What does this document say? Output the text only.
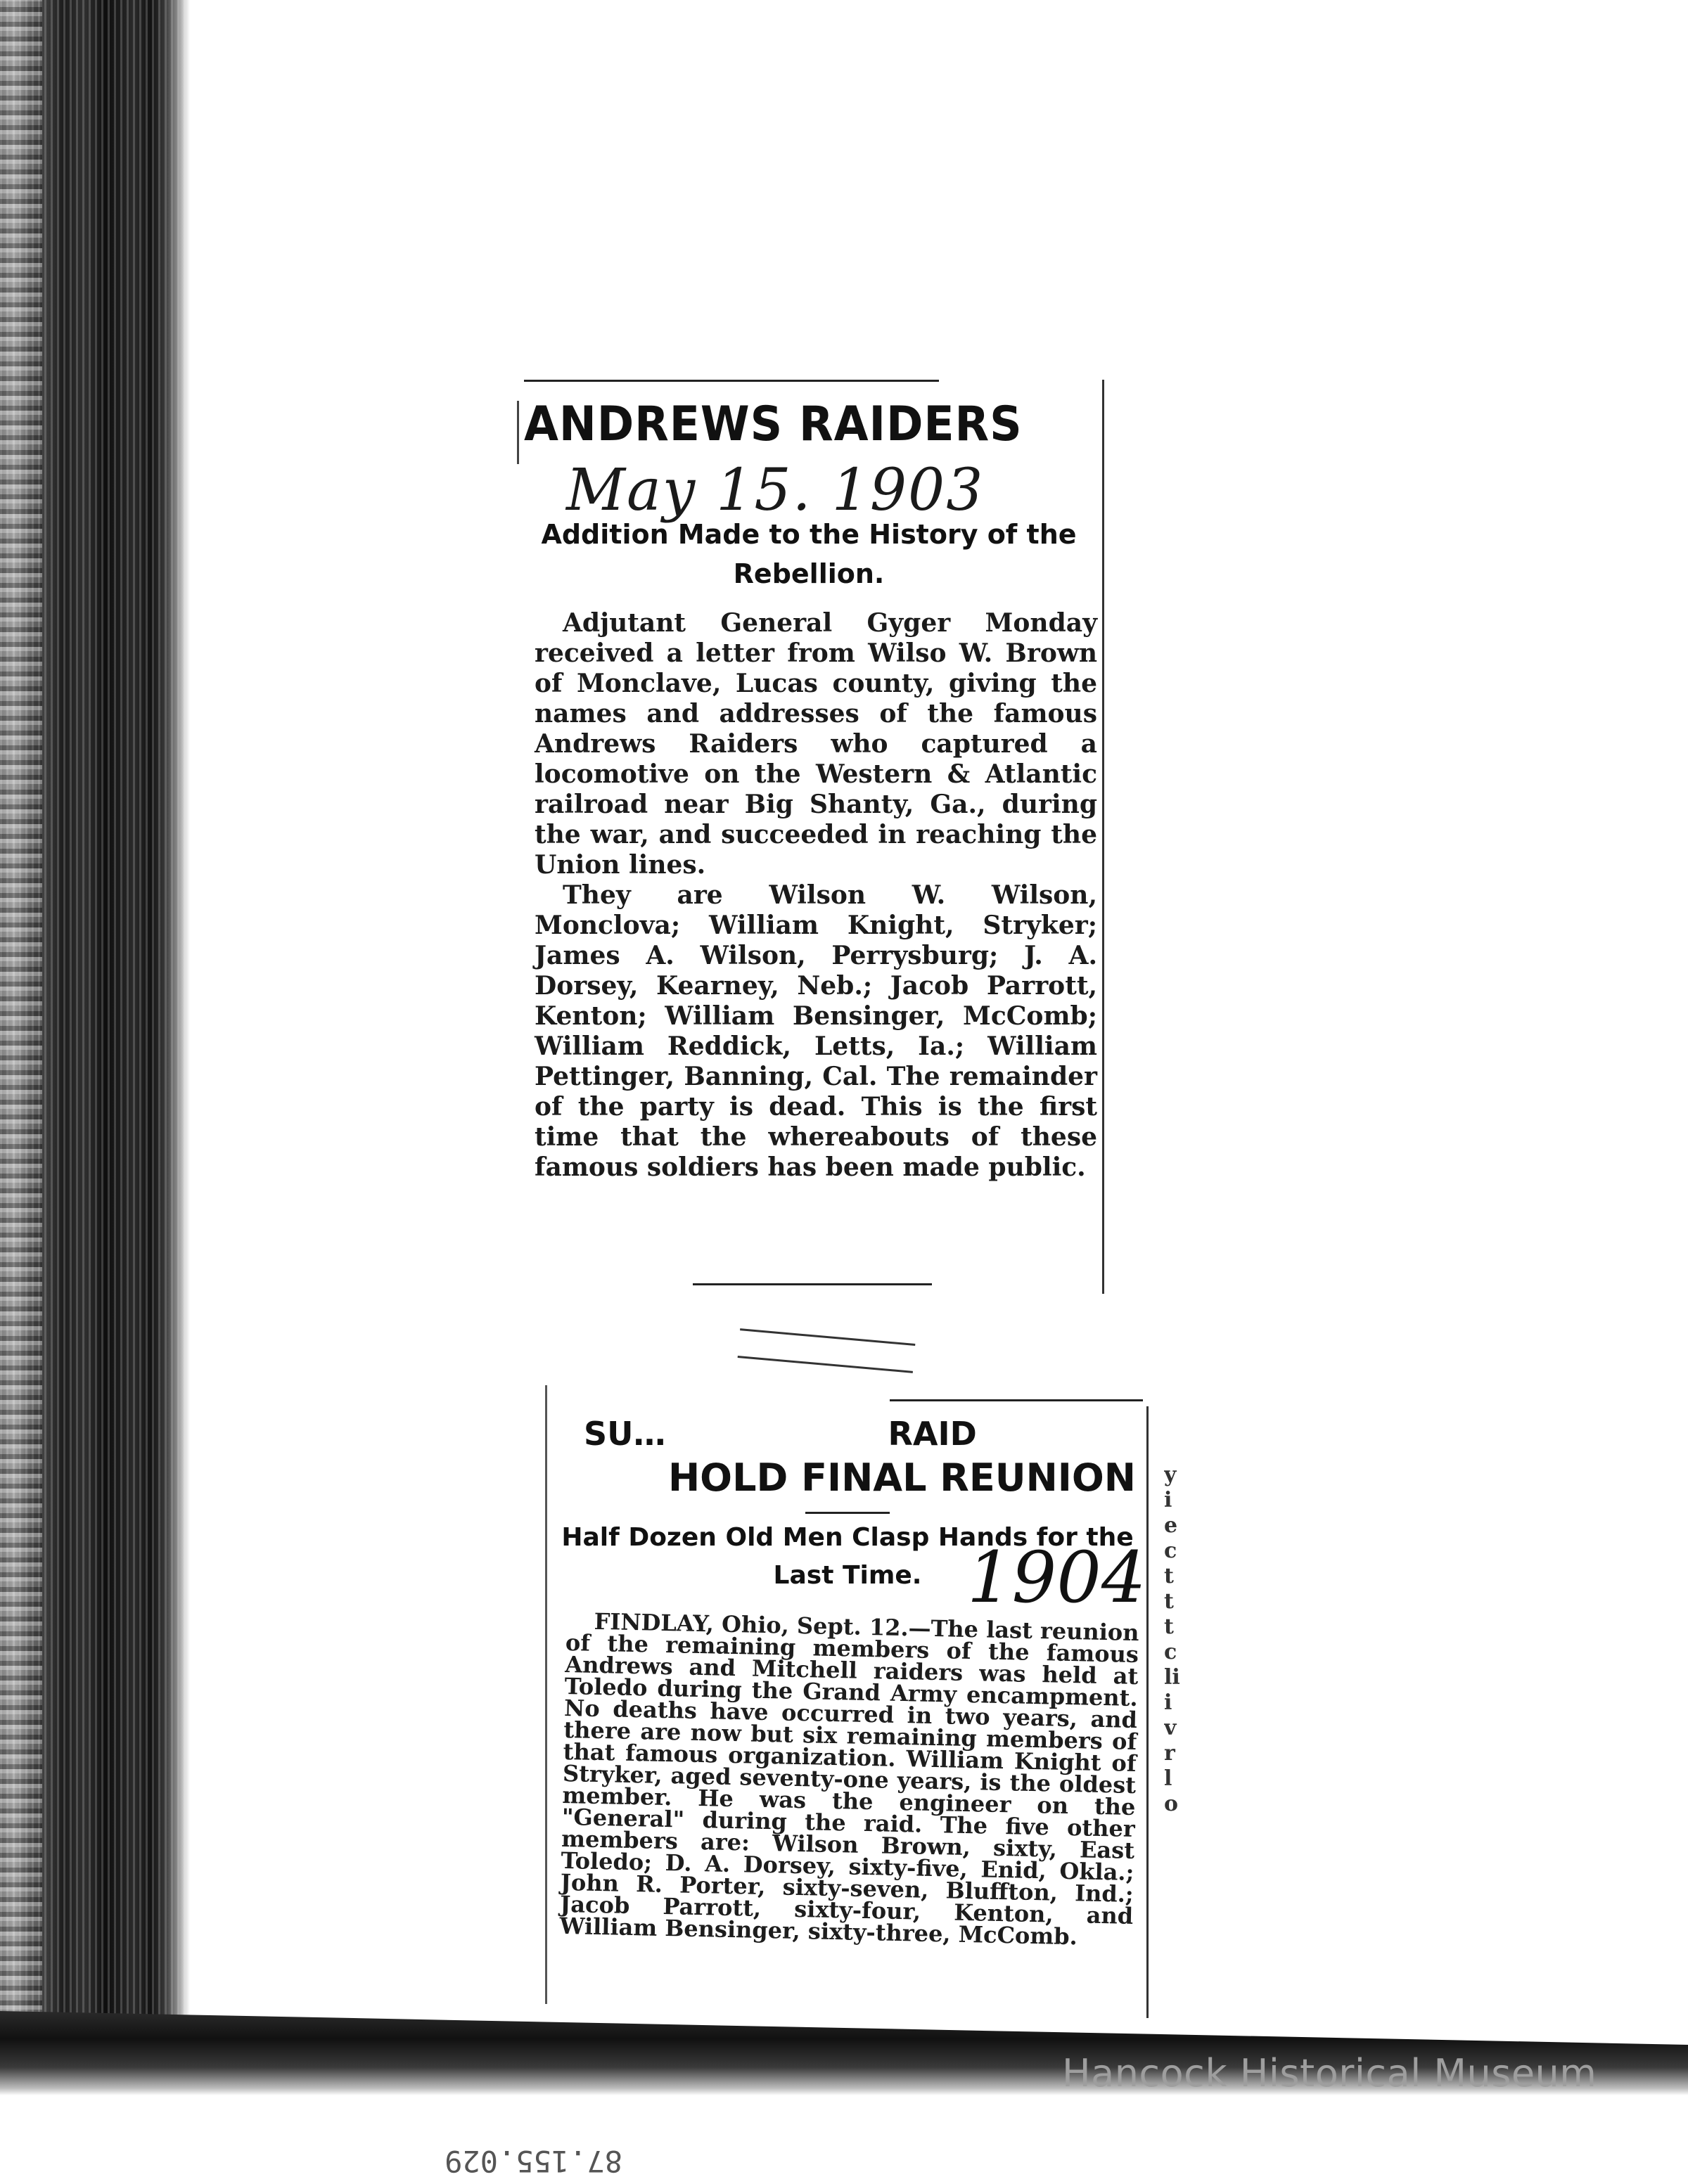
ANDREWS RAIDERS
May 15. 1903
Addition Made to the History of the Rebellion.

Adjutant General Gyger Monday received a letter from Wilso W. Brown of Monclave, Lucas county, giving the names and addresses of the famous Andrews Raiders who captured a locomotive on the Western & Atlantic railroad near Big Shanty, Ga., during the war, and succeeded in reaching the Union lines.

They are Wilson W. Wilson, Monclova; William Knight, Stryker; James A. Wilson, Perrysburg; J. A. Dorsey, Kearney, Neb.; Jacob Parrott, Kenton; William Bensinger, McComb; William Reddick, Letts, Ia.; William Pettinger, Banning, Cal. The remainder of the party is dead. This is the first time that the whereabouts of these famous soldiers has been made public.

SU… RAID
HOLD FINAL REUNION
Half Dozen Old Men Clasp Hands for the Last Time. 1904

FINDLAY, Ohio, Sept. 12.—The last reunion of the remaining members of the famous Andrews and Mitchell raiders was held at Toledo during the Grand Army encampment. No deaths have occurred in two years, and there are now but six remaining members of that famous organization. William Knight of Stryker, aged seventy-one years, is the oldest member. He was the engineer on the "General" during the raid. The five other members are: Wilson Brown, sixty, East Toledo; D. A. Dorsey, sixty-five, Enid, Okla.; John R. Porter, sixty-seven, Bluffton, Ind.; Jacob Parrott, sixty-four, Kenton, and William Bensinger, sixty-three, McComb.

yiectttcliivrlo
Hancock Historical Museum
87.155.029
